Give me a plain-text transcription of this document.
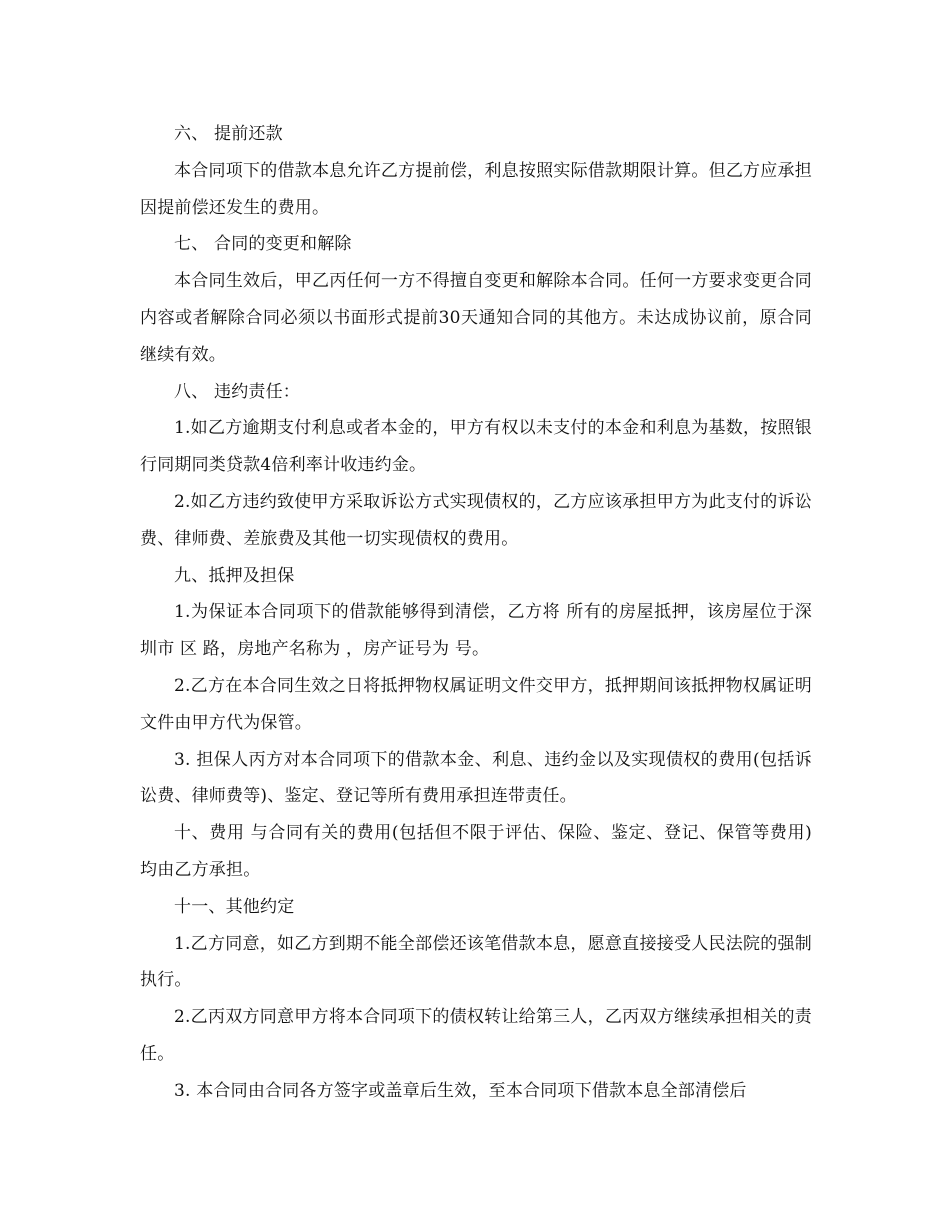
六、 提前还款

本合同项下的借款本息允许乙方提前偿，利息按照实际借款期限计算。但乙方应承担因提前偿还发生的费用。

七、 合同的变更和解除

本合同生效后，甲乙丙任何一方不得擅自变更和解除本合同。任何一方要求变更合同内容或者解除合同必须以书面形式提前30天通知合同的其他方。未达成协议前，原合同继续有效。

八、 违约责任：

1.如乙方逾期支付利息或者本金的，甲方有权以未支付的本金和利息为基数，按照银行同期同类贷款4倍利率计收违约金。

2.如乙方违约致使甲方采取诉讼方式实现债权的，乙方应该承担甲方为此支付的诉讼费、律师费、差旅费及其他一切实现债权的费用。

九、抵押及担保

1.为保证本合同项下的借款能够得到清偿，乙方将 所有的房屋抵押，该房屋位于深圳市 区 路，房地产名称为 ，房产证号为 号。

2.乙方在本合同生效之日将抵押物权属证明文件交甲方，抵押期间该抵押物权属证明文件由甲方代为保管。

3. 担保人丙方对本合同项下的借款本金、利息、违约金以及实现债权的费用(包括诉讼费、律师费等)、鉴定、登记等所有费用承担连带责任。

十、费用 与合同有关的费用(包括但不限于评估、保险、鉴定、登记、保管等费用)均由乙方承担。

十一、其他约定

1.乙方同意，如乙方到期不能全部偿还该笔借款本息，愿意直接接受人民法院的强制执行。

2.乙丙双方同意甲方将本合同项下的债权转让给第三人，乙丙双方继续承担相关的责任。

3. 本合同由合同各方签字或盖章后生效，至本合同项下借款本息全部清偿后
